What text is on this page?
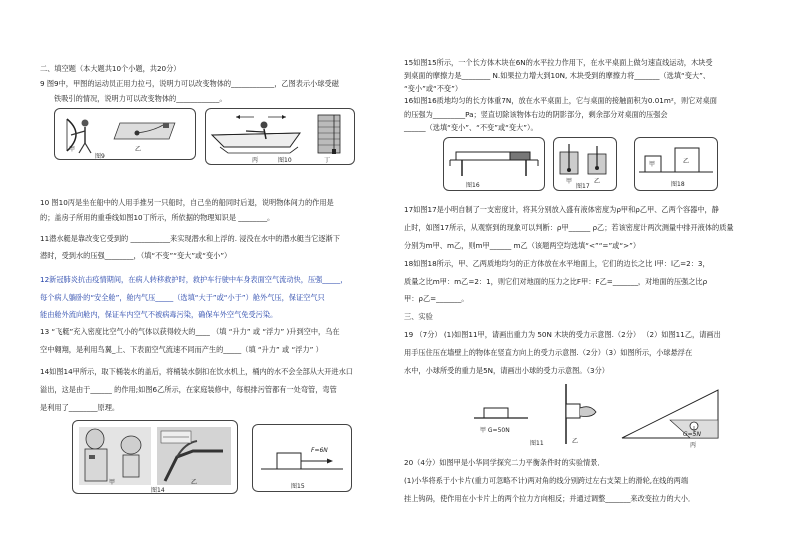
二、填空题（本大题共10个小题，共20分）
9 图9中，甲图的运动员正用力拉弓，说明力可以改变物体的____________，乙图表示小球受磁
铁吸引的情况，说明力可以改变物体的____________。
甲	乙
图9
丙	丁
图10
10 图10丙是坐在船中的人用手推另一只船时，自己坐的船同时后退，说明物体间力的作用是
的；盖房子所用的重垂线如图10丁所示，所依据的物理知识是 ________。
11潜水艇是靠改变它受到的 ___________来实现潜水和上浮的. 浸没在水中的潜水艇当它逐渐下
潜时，受到水的压强________，（填“不变”“变大”或“变小”）
12新冠肺炎抗击疫情期间，在病人转移救护时，救护车行驶中车身表面空气流动快，压强_____，
每个病人躺卧的“安全舱”，舱内气压_____（选填“大于”或“小于”）舱外气压，保证空气只
能由舱外流向舱内，保证车内空气不被病毒污染，确保车外空气免受污染。
13 “飞艇”充入密度比空气小的气体以获得较大的____ （填 “升力” 或 “浮力” )升到空中，乌在
空中翱翔，是利用鸟翼_上、下表面空气流速不同而产生的_____（填 “升力” 或 “浮力” ）
14如图14甲所示，取下桶装水的盖后，将桶装水倒扣在饮水机上，桶内的水不会全部从大开进水口
溢出，这是由于______ 的作用;如图6乙所示，在家庭装修中，每根排污管都有一处弯管，弯管
是利用了________原理。
甲	乙
图14
F=6N
图15
15如图15所示，一个长方体木块在6N的水平拉力作用下，在水平桌面上做匀速直线运动，木块受
到桌面的摩擦力是________ N.如果拉力增大到10N, 木块受到的摩擦力将_______（选填“变大”、
“变小”或“不变”）
16如图16质地均匀的长方体重7N，放在水平桌面上，它与桌面的接触面积为0.01m²，则它对桌面
的压强为_________Pa；竖直切除该物体右边的阴影部分，剩余部分对桌面的压强会
______（选填“变小”、“不变”或“变大”）。
图16
甲	乙
图17
甲	乙
图18
17如图17是小明自制了一支密度计，将其分别放入盛有液体密度为ρ甲和ρ乙甲、乙两个容器中，静
止时，如图17所示，从观察到的现象可以判断：ρ甲______ ρ乙；若该密度计两次测量中排开液体的质量
分别为m甲、m乙，则m甲______ m乙（该题两空均选填“<”“=”或“>”）
18如图18所示，甲、乙两质地均匀的正方体放在水平地面上，它们的边长之比 l甲：l乙=2：3，
质量之比m甲：m乙=2：1，则它们对地面的压力之比F甲：F乙=_______，对地面的压强之比ρ
甲：ρ乙=_______。
三、实验
19 （7分） (1)如图11甲，请画出重力为 50N 木块的受力示意图.（2分） （2）如图11乙，请画出
用手压住压在墙壁上的物体在竖直方向上的受力示意图.（2分）（3）如图所示，小球悬浮在
水中，小球所受的重力是5N，请画出小球的受力示意图。（3分）
甲 G=50N
图11	乙
G=5N
丙
20（4分）如图甲是小华同学探究二力平衡条件时的实验情景．
(1)小华将系于小卡片(重力可忽略不计)两对角的线分别跨过左右支架上的滑轮,在线的两端
挂上钩码，使作用在小卡片上的两个拉力方向相反；并通过调整_______来改变拉力的大小．
